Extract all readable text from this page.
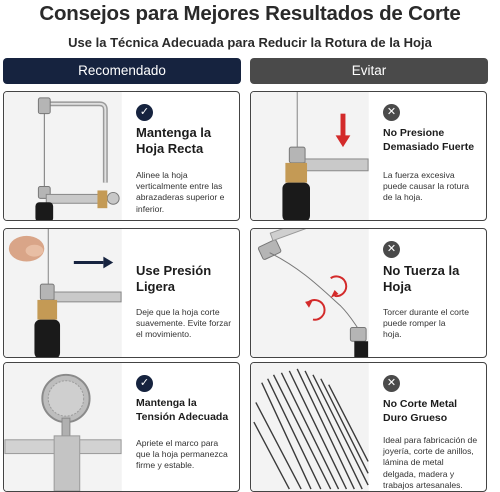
Consejos para Mejores Resultados de Corte
Use la Técnica Adecuada para Reducir la Rotura de la Hoja
Recomendado	Evitar
✓
Mantenga la
Hoja Recta
Alinee la hoja
verticalmente entre las
abrazaderas superior e
inferior.
Use Presión
Ligera
Deje que la hoja corte
suavemente. Evite forzar
el movimiento.
✓
Mantenga la
Tensión Adecuada
Apriete el marco para
que la hoja permanezca
firme y estable.
✕
No Presione
Demasiado Fuerte
La fuerza excesiva
puede causar la rotura
de la hoja.
✕
No Tuerza la
Hoja
Torcer durante el corte
puede romper la
hoja.
✕
No Corte Metal
Duro Grueso
Ideal para fabricación de
joyería, corte de anillos,
lámina de metal
delgada, madera y
trabajos artesanales.
